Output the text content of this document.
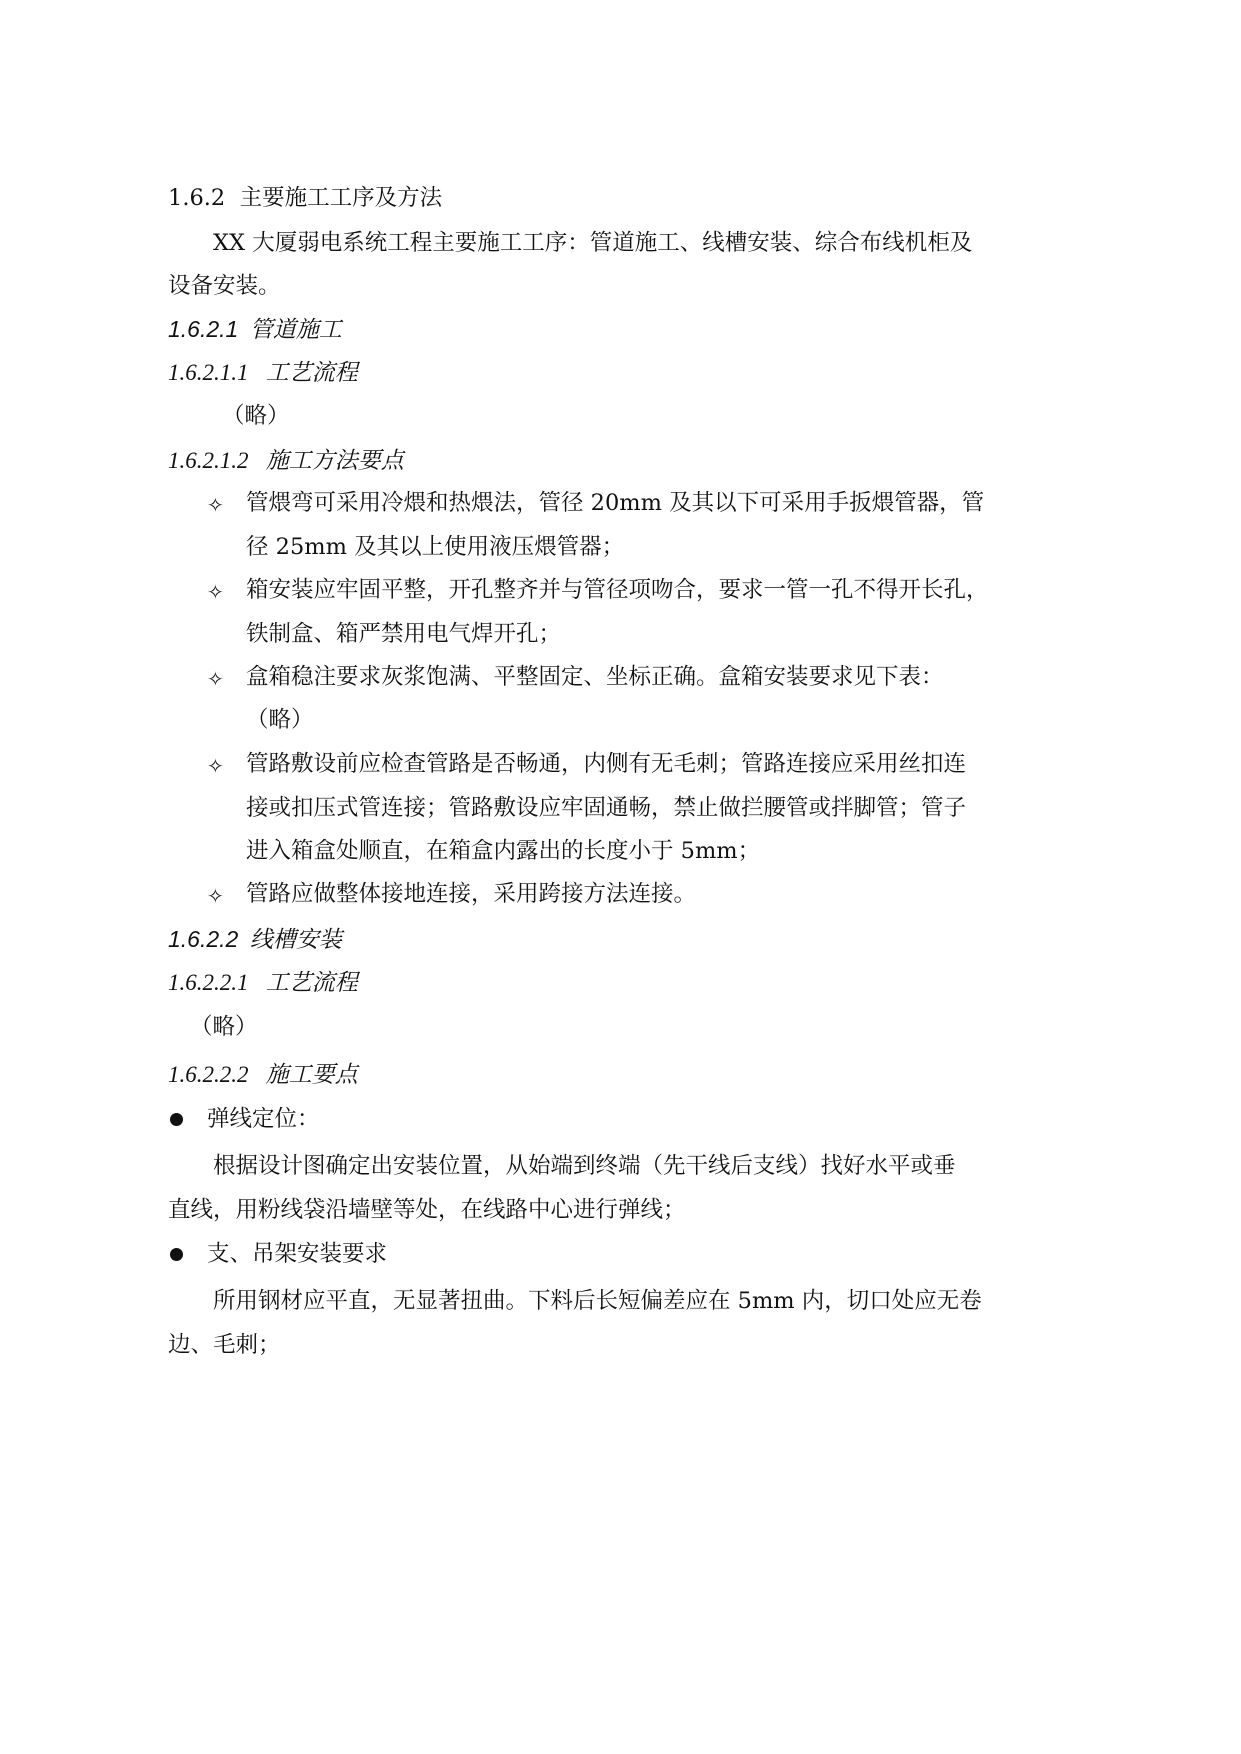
1.6.2 主要施工工序及方法
XX 大厦弱电系统工程主要施工工序：管道施工、线槽安装、综合布线机柜及
设备安装。
1.6.2.1 管道施工
1.6.2.1.1 工艺流程
（略）
1.6.2.1.2 施工方法要点
✧ 管煨弯可采用冷煨和热煨法，管径 20mm 及其以下可采用手扳煨管器，管
径 25mm 及其以上使用液压煨管器；
✧ 箱安装应牢固平整，开孔整齐并与管径项吻合，要求一管一孔不得开长孔，
铁制盒、箱严禁用电气焊开孔；
✧ 盒箱稳注要求灰浆饱满、平整固定、坐标正确。盒箱安装要求见下表：
（略）
✧ 管路敷设前应检查管路是否畅通，内侧有无毛刺；管路连接应采用丝扣连
接或扣压式管连接；管路敷设应牢固通畅，禁止做拦腰管或拌脚管；管子
进入箱盒处顺直，在箱盒内露出的长度小于 5mm；
✧ 管路应做整体接地连接，采用跨接方法连接。
1.6.2.2 线槽安装
1.6.2.2.1 工艺流程
（略）
1.6.2.2.2 施工要点
弹线定位：
根据设计图确定出安装位置，从始端到终端（先干线后支线）找好水平或垂
直线，用粉线袋沿墙壁等处，在线路中心进行弹线；
支、吊架安装要求
所用钢材应平直，无显著扭曲。下料后长短偏差应在 5mm 内，切口处应无卷
边、毛刺；
